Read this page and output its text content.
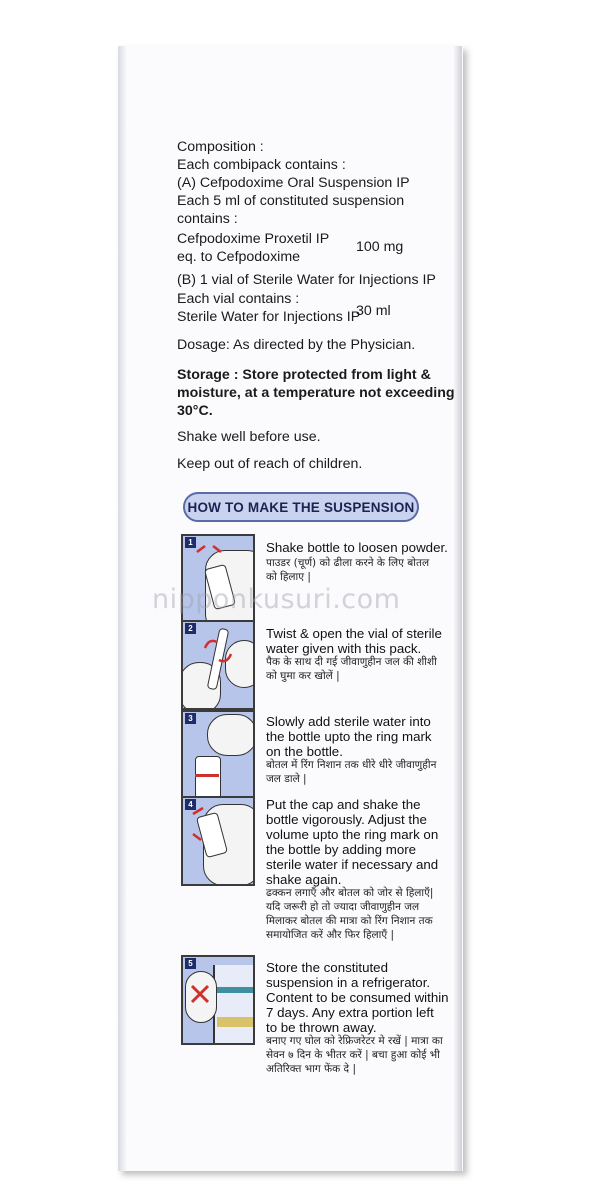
Composition :
Each combipack contains :
(A) Cefpodoxime Oral Suspension IP
Each 5 ml of constituted suspension
contains :
Cefpodoxime Proxetil IP
eq. to Cefpodoxime
100 mg
(B) 1 vial of Sterile Water for Injections IP
Each vial contains :
Sterile Water for Injections IP
30 ml
Dosage: As directed by the Physician.
Storage : Store protected from light &
moisture, at a temperature not exceeding
30°C.
Shake well before use.
Keep out of reach of children.
HOW TO MAKE THE SUSPENSION
1	Shake bottle to loosen powder.
पाउडर (चूर्ण) को ढीला करने के लिए बोतल
को हिलाए |
2	Twist & open the vial of sterile
water given with this pack.
पैक के साथ दी गई जीवाणुहीन जल की शीशी
को घुमा कर खोलें |
3	Slowly add sterile water into
the bottle upto the ring mark
on the bottle.
बोतल में रिंग निशान तक धीरे धीरे जीवाणुहीन
जल डाले |
4	Put the cap and shake the
bottle vigorously. Adjust the
volume upto the ring mark on
the bottle by adding more
sterile water if necessary and
shake again.
ढक्कन लगाएँ और बोतल को जोर से हिलाएँ|
यदि जरूरी हो तो ज्यादा जीवाणुहीन जल
मिलाकर बोतल की मात्रा को रिंग निशान तक
समायोजित करें और फिर हिलाएँ |
5	Store the constituted
suspension in a refrigerator.
Content to be consumed within
7 days. Any extra portion left
to be thrown away.
बनाए गए घोल को रेफ्रिजरेटर मे रखें | मात्रा का
सेवन ७ दिन के भीतर करें | बचा हुआ कोई भी
अतिरिक्त भाग फेंक दे |
nipponkusuri.com
